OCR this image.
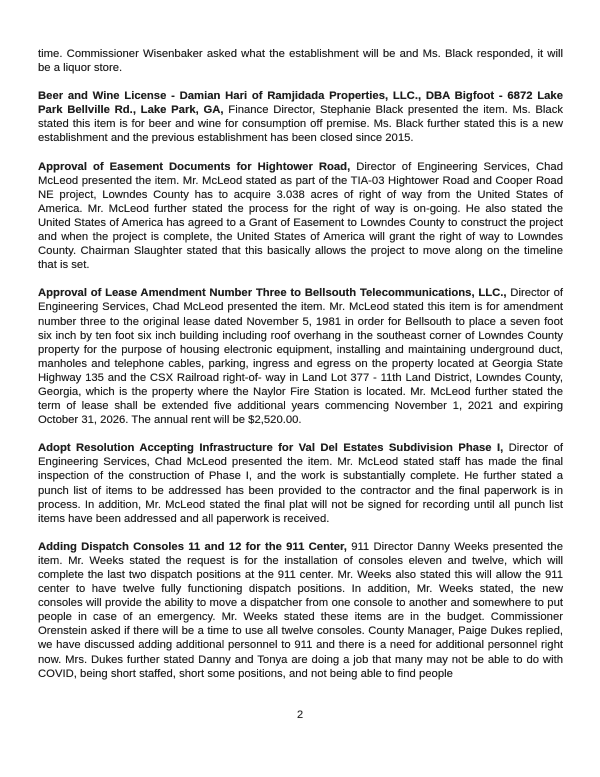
time. Commissioner Wisenbaker asked what the establishment will be and Ms. Black responded, it will be a liquor store.

Beer and Wine License - Damian Hari of Ramjidada Properties, LLC., DBA Bigfoot - 6872 Lake Park Bellville Rd., Lake Park, GA, Finance Director, Stephanie Black presented the item. Ms. Black stated this item is for beer and wine for consumption off premise. Ms. Black further stated this is a new establishment and the previous establishment has been closed since 2015.

Approval of Easement Documents for Hightower Road, Director of Engineering Services, Chad McLeod presented the item. Mr. McLeod stated as part of the TIA-03 Hightower Road and Cooper Road NE project, Lowndes County has to acquire 3.038 acres of right of way from the United States of America. Mr. McLeod further stated the process for the right of way is on-going. He also stated the United States of America has agreed to a Grant of Easement to Lowndes County to construct the project and when the project is complete, the United States of America will grant the right of way to Lowndes County. Chairman Slaughter stated that this basically allows the project to move along on the timeline that is set.

Approval of Lease Amendment Number Three to Bellsouth Telecommunications, LLC., Director of Engineering Services, Chad McLeod presented the item. Mr. McLeod stated this item is for amendment number three to the original lease dated November 5, 1981 in order for Bellsouth to place a seven foot six inch by ten foot six inch building including roof overhang in the southeast corner of Lowndes County property for the purpose of housing electronic equipment, installing and maintaining underground duct, manholes and telephone cables, parking, ingress and egress on the property located at Georgia State Highway 135 and the CSX Railroad right-of- way in Land Lot 377 - 11th Land District, Lowndes County, Georgia, which is the property where the Naylor Fire Station is located. Mr. McLeod further stated the term of lease shall be extended five additional years commencing November 1, 2021 and expiring October 31, 2026. The annual rent will be $2,520.00.

Adopt Resolution Accepting Infrastructure for Val Del Estates Subdivision Phase I, Director of Engineering Services, Chad McLeod presented the item. Mr. McLeod stated staff has made the final inspection of the construction of Phase I, and the work is substantially complete. He further stated a punch list of items to be addressed has been provided to the contractor and the final paperwork is in process. In addition, Mr. McLeod stated the final plat will not be signed for recording until all punch list items have been addressed and all paperwork is received.

Adding Dispatch Consoles 11 and 12 for the 911 Center, 911 Director Danny Weeks presented the item. Mr. Weeks stated the request is for the installation of consoles eleven and twelve, which will complete the last two dispatch positions at the 911 center. Mr. Weeks also stated this will allow the 911 center to have twelve fully functioning dispatch positions. In addition, Mr. Weeks stated, the new consoles will provide the ability to move a dispatcher from one console to another and somewhere to put people in case of an emergency. Mr. Weeks stated these items are in the budget. Commissioner Orenstein asked if there will be a time to use all twelve consoles. County Manager, Paige Dukes replied, we have discussed adding additional personnel to 911 and there is a need for additional personnel right now. Mrs. Dukes further stated Danny and Tonya are doing a job that many may not be able to do with COVID, being short staffed, short some positions, and not being able to find people

2
